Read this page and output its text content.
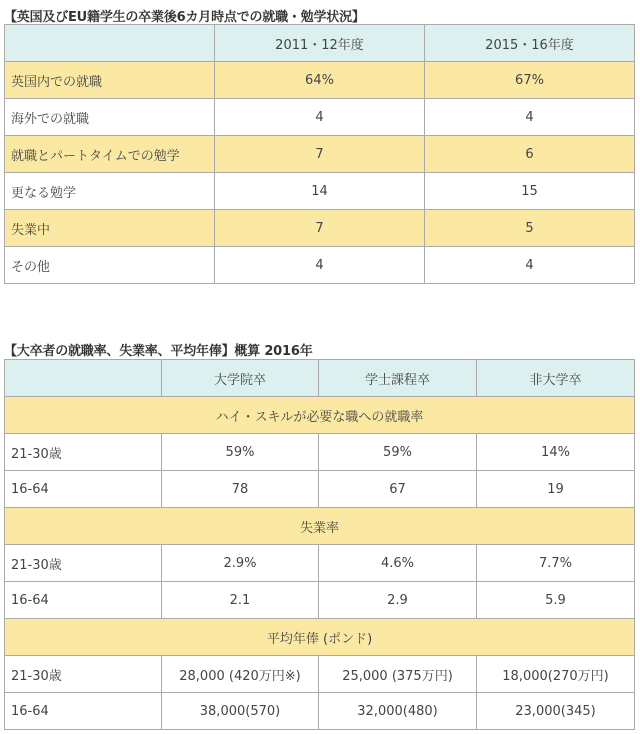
【英国及びEU籍学生の卒業後6カ月時点での就職・勉学状況】
	2011・12年度	2015・16年度
英国内での就職	64%	67%
海外での就職	4	4
就職とパートタイムでの勉学	7	6
更なる勉学	14	15
失業中	7	5
その他	4	4
【大卒者の就職率、失業率、平均年俸】概算 2016年
	大学院卒	学士課程卒	非大学卒
ハイ・スキルが必要な職への就職率			
21-30歳	59%	59%	14%
16-64	78	67	19
失業率			
21-30歳	2.9%	4.6%	7.7%
16-64	2.1	2.9	5.9
平均年俸 (ポンド)			
21-30歳	28,000 (420万円※)	25,000 (375万円)	18,000(270万円)
16-64	38,000(570)	32,000(480)	23,000(345)
